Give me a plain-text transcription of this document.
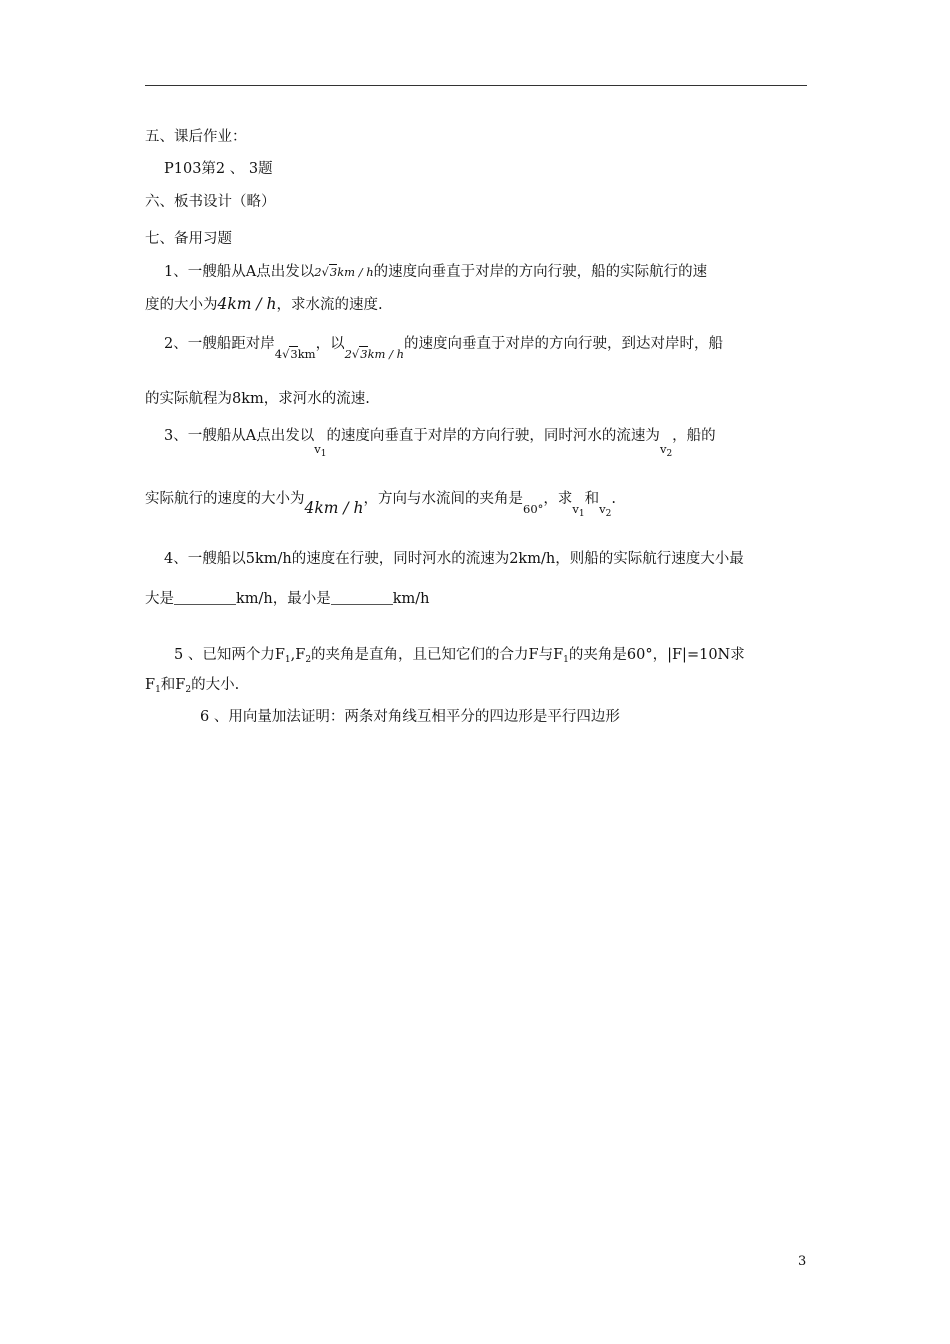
五、课后作业：
P103第2 、 3题
六、板书设计（略）
七、备用习题
1、一艘船从A点出发以2√3km / h的速度向垂直于对岸的方向行驶，船的实际航行的速
度的大小为4km / h，求水流的速度.
2、一艘船距对岸$_{4√3km}$，以$_{2√3km / h}$的速度向垂直于对岸的方向行驶，到达对岸时，船
的实际航程为8km，求河水的流速.
3、一艘船从A点出发以$_{v_1}$的速度向垂直于对岸的方向行驶，同时河水的流速为$_{v_2}$，船的
实际航行的速度的大小为4km / h，方向与水流间的夹角是$_{60^\circ}$，求$_{v_1}$和$_{v_2}$.
4、一艘船以5km/h的速度在行驶，同时河水的流速为2km/h，则船的实际航行速度大小最
大是	km/h，最小是	km/h
5 、已知两个力$F_1,F_2$的夹角是直角，且已知它们的合力F与$F_1$的夹角是60°，|F|=10N求
$F_1$和$F_2$的大小.
6 、用向量加法证明：两条对角线互相平分的四边形是平行四边形
3
